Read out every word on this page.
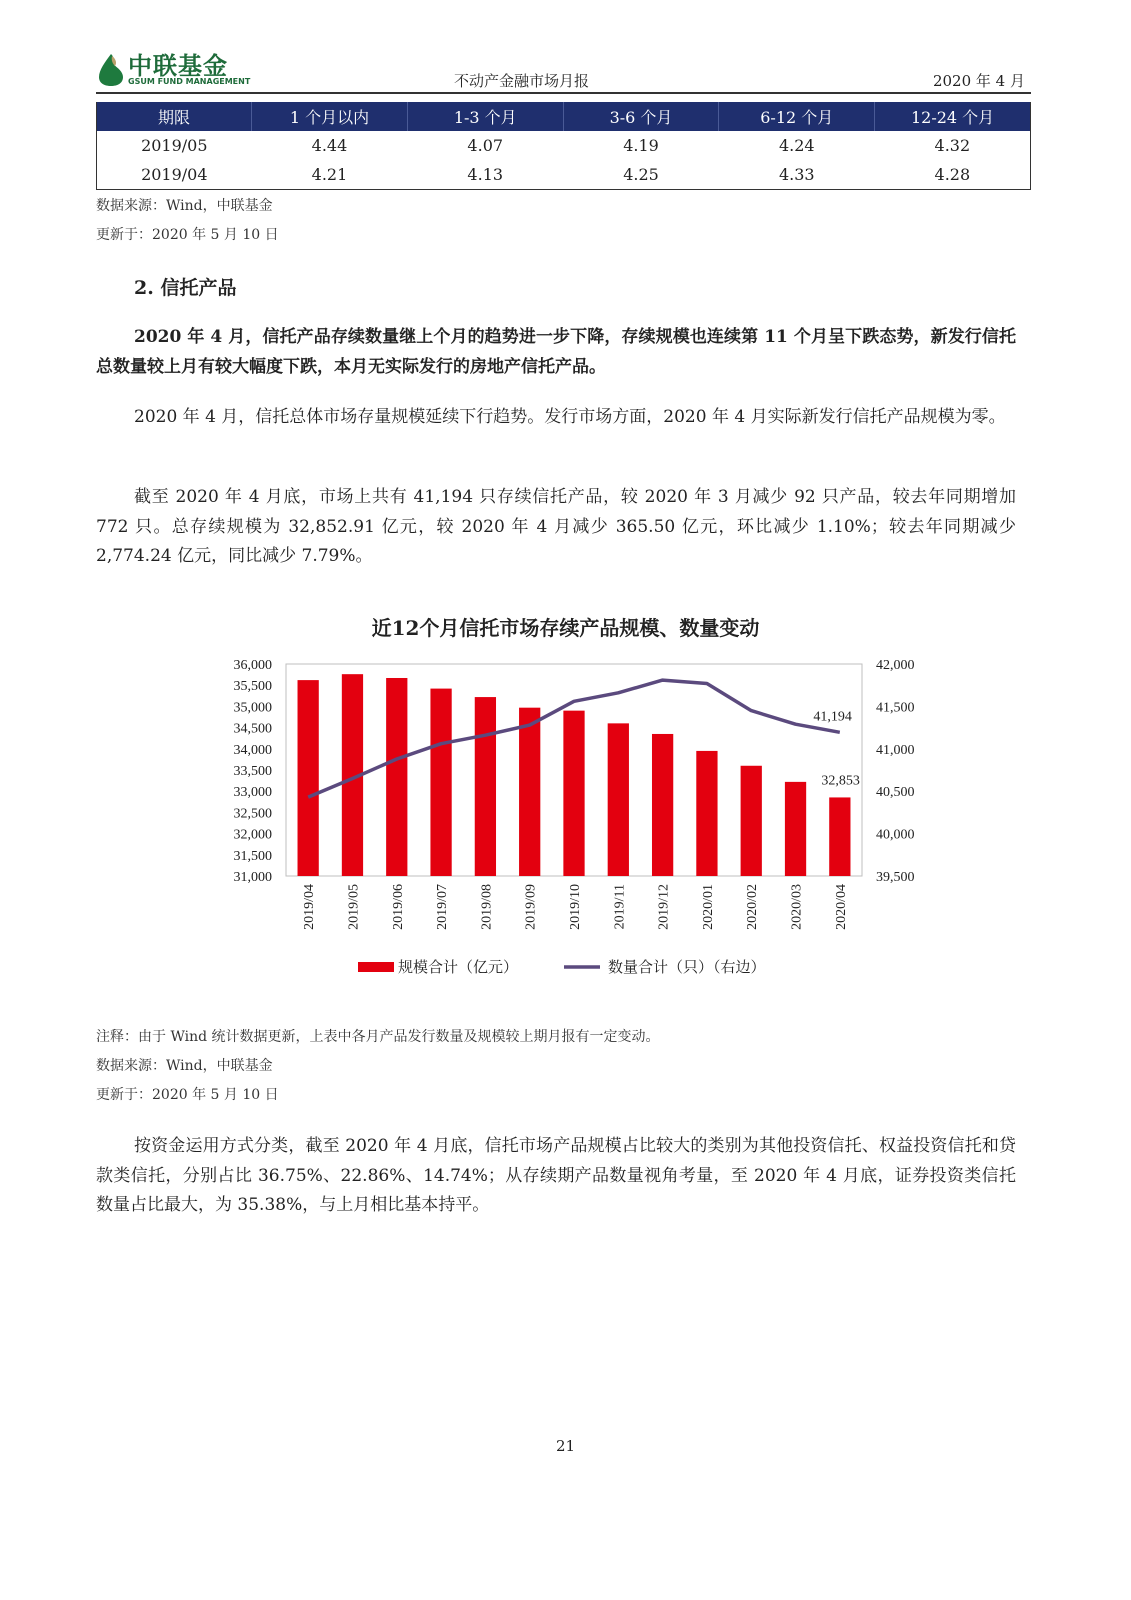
中联基金
GSUM FUND MANAGEMENT	不动产金融市场月报	2020 年 4 月
期限	1 个月以内	1-3 个月	3-6 个月	6-12 个月	12-24 个月
2019/05	4.44	4.07	4.19	4.24	4.32
2019/04	4.21	4.13	4.25	4.33	4.28
数据来源：Wind，中联基金
更新于：2020 年 5 月 10 日
2. 信托产品
2020 年 4 月，信托产品存续数量继上个月的趋势进一步下降，存续规模也连续第 11 个月呈下跌态势，新发行信托总数量较上月有较大幅度下跌，本月无实际发行的房地产信托产品。
2020 年 4 月，信托总体市场存量规模延续下行趋势。发行市场方面，2020 年 4 月实际新发行信托产品规模为零。
截至 2020 年 4 月底，市场上共有 41,194 只存续信托产品，较 2020 年 3 月减少 92 只产品，较去年同期增加 772 只。总存续规模为 32,852.91 亿元，较 2020 年 4 月减少 365.50 亿元，环比减少 1.10%；较去年同期减少 2,774.24 亿元，同比减少 7.79%。
近12个月信托市场存续产品规模、数量变动
31,000
31,500
32,000
32,500
33,000
33,500
34,000
34,500
35,000
35,500
36,000
39,500
40,000
40,500
41,000
41,500
42,000
2019/04 2019/05 2019/06 2019/07 2019/08 2019/09 2019/10 2019/11 2019/12 2020/01 2020/02 2020/03 2020/04
41,194
32,853
规模合计（亿元）	数量合计（只）（右边）
注释：由于 Wind 统计数据更新，上表中各月产品发行数量及规模较上期月报有一定变动。
数据来源：Wind，中联基金
更新于：2020 年 5 月 10 日
按资金运用方式分类，截至 2020 年 4 月底，信托市场产品规模占比较大的类别为其他投资信托、权益投资信托和贷款类信托，分别占比 36.75%、22.86%、14.74%；从存续期产品数量视角考量，至 2020 年 4 月底，证券投资类信托数量占比最大，为 35.38%，与上月相比基本持平。
21
